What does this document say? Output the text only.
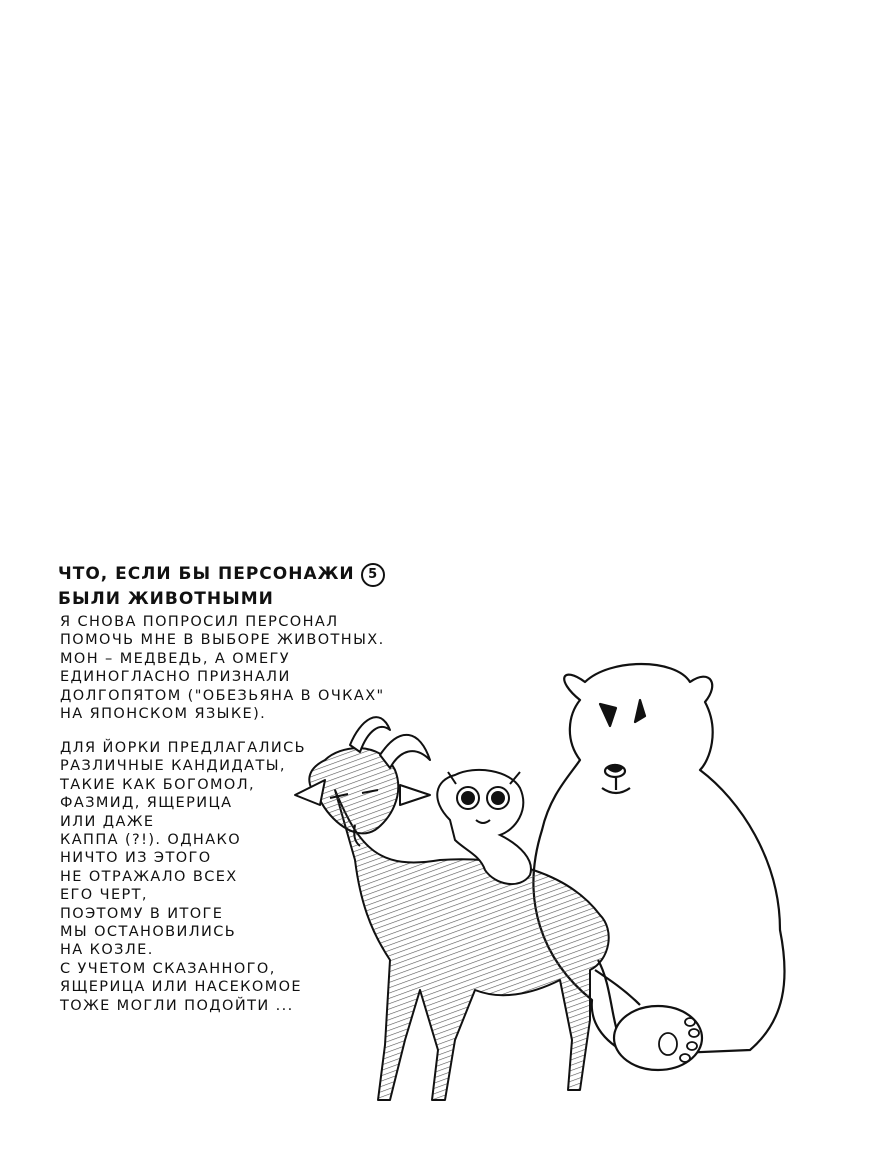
ЧТО, ЕСЛИ БЫ ПЕРСОНАЖИ 5
БЫЛИ ЖИВОТНЫМИ
Я СНОВА ПОПРОСИЛ ПЕРСОНАЛ
ПОМОЧЬ МНЕ В ВЫБОРЕ ЖИВОТНЫХ.
МОН – МЕДВЕДЬ, А ОМЕГУ
ЕДИНОГЛАСНО ПРИЗНАЛИ
ДОЛГОПЯТОМ ("ОБЕЗЬЯНА В ОЧКАХ"
НА ЯПОНСКОМ ЯЗЫКЕ).
ДЛЯ ЙОРКИ ПРЕДЛАГАЛИСЬ
РАЗЛИЧНЫЕ КАНДИДАТЫ,
ТАКИЕ КАК БОГОМОЛ,
ФАЗМИД, ЯЩЕРИЦА
ИЛИ ДАЖЕ
КАППА (?!). ОДНАКО
НИЧТО ИЗ ЭТОГО
НЕ ОТРАЖАЛО ВСЕХ
ЕГО ЧЕРТ,
ПОЭТОМУ В ИТОГЕ
МЫ ОСТАНОВИЛИСЬ
НА КОЗЛЕ.
С УЧЕТОМ СКАЗАННОГО,
ЯЩЕРИЦА ИЛИ НАСЕКОМОЕ
ТОЖЕ МОГЛИ ПОДОЙТИ ...
